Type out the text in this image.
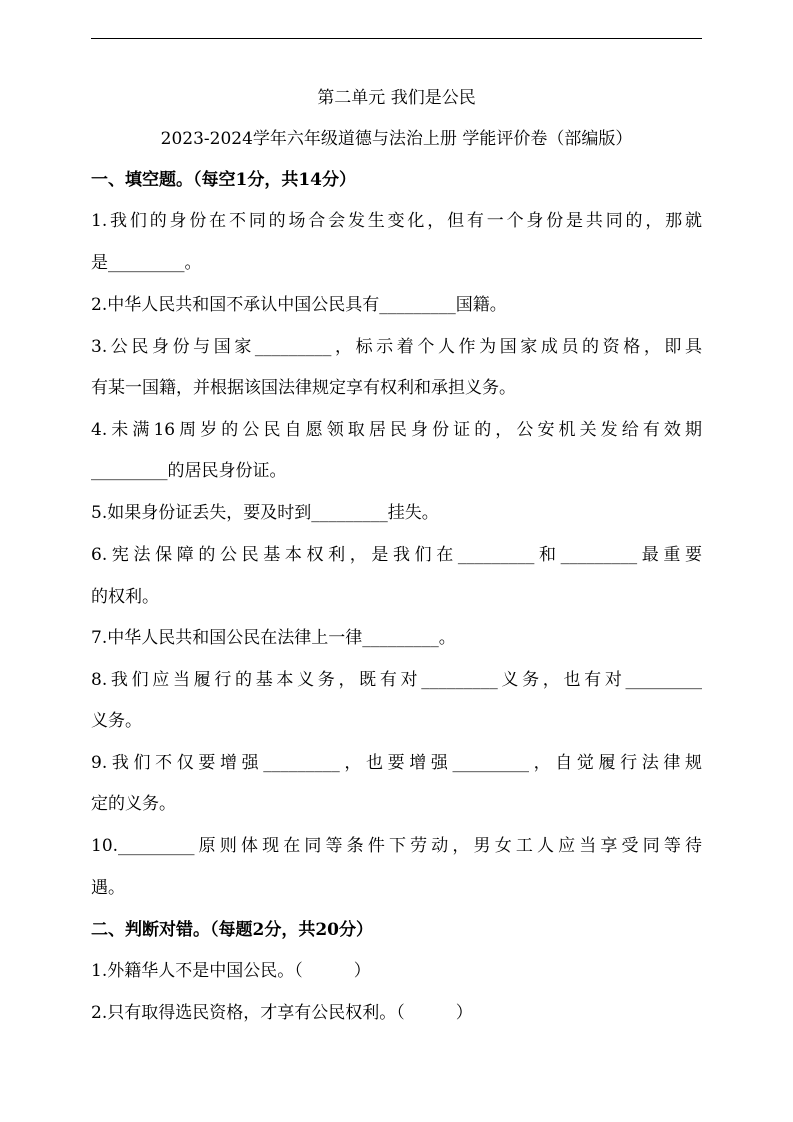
第二单元 我们是公民
2023-2024学年六年级道德与法治上册 学能评价卷（部编版）
一、填空题。（每空1分，共14分）
1.我们的身份在不同的场合会发生变化，但有一个身份是共同的，那就
是_________。
2.中华人民共和国不承认中国公民具有_________国籍。
3.公民身份与国家_________，标示着个人作为国家成员的资格，即具
有某一国籍，并根据该国法律规定享有权利和承担义务。
4.未满16周岁的公民自愿领取居民身份证的，公安机关发给有效期
_________的居民身份证。
5.如果身份证丢失，要及时到_________挂失。
6.宪法保障的公民基本权利，是我们在_________和_________最重要
的权利。
7.中华人民共和国公民在法律上一律_________。
8.我们应当履行的基本义务，既有对_________义务，也有对_________
义务。
9.我们不仅要增强_________，也要增强_________，自觉履行法律规
定的义务。
10._________原则体现在同等条件下劳动，男女工人应当享受同等待
遇。
二、判断对错。（每题2分，共20分）
1.外籍华人不是中国公民。（　　　）
2.只有取得选民资格，才享有公民权利。（　　　）
